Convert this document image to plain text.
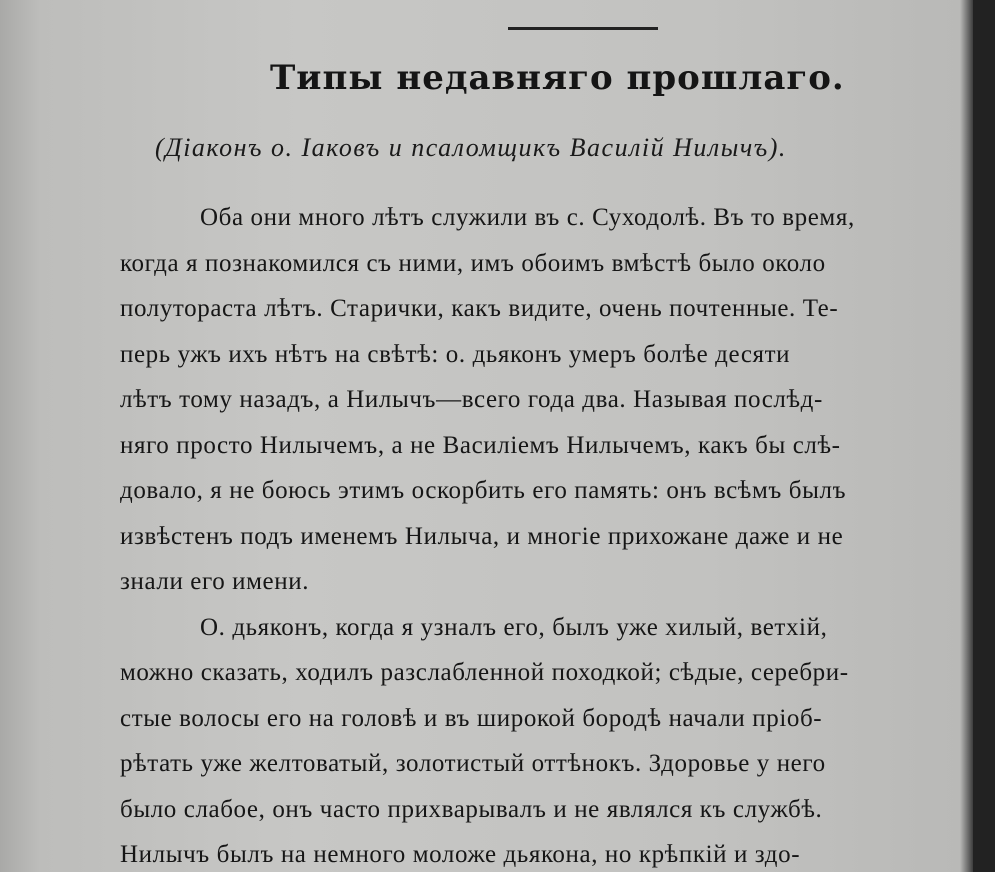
Типы недавняго прошлаго.
(Діаконъ о. Іаковъ и псаломщикъ Василій Нилычъ).
Оба они много лѣтъ служили въ с. Суходолѣ. Въ то время,
когда я познакомился съ ними, имъ обоимъ вмѣстѣ было около
полутораста лѣтъ. Старички, какъ видите, очень почтенные. Те-
перь ужъ ихъ нѣтъ на свѣтѣ: о. дьяконъ умеръ болѣе десяти
лѣтъ тому назадъ, а Нилычъ—всего года два. Называя послѣд-
няго просто Нилычемъ, а не Василіемъ Нилычемъ, какъ бы слѣ-
довало, я не боюсь этимъ оскорбить его память: онъ всѣмъ былъ
извѣстенъ подъ именемъ Нилыча, и многіе прихожане даже и не
знали его имени.
О. дьяконъ, когда я узналъ его, былъ уже хилый, ветхій,
можно сказать, ходилъ разслабленной походкой; сѣдые, серебри-
стые волосы его на головѣ и въ широкой бородѣ начали пріоб-
рѣтать уже желтоватый, золотистый оттѣнокъ. Здоровье у него
было слабое, онъ часто прихварывалъ и не являлся къ службѣ.
Нилычъ былъ на немного моложе дьякона, но крѣпкій и здо-
